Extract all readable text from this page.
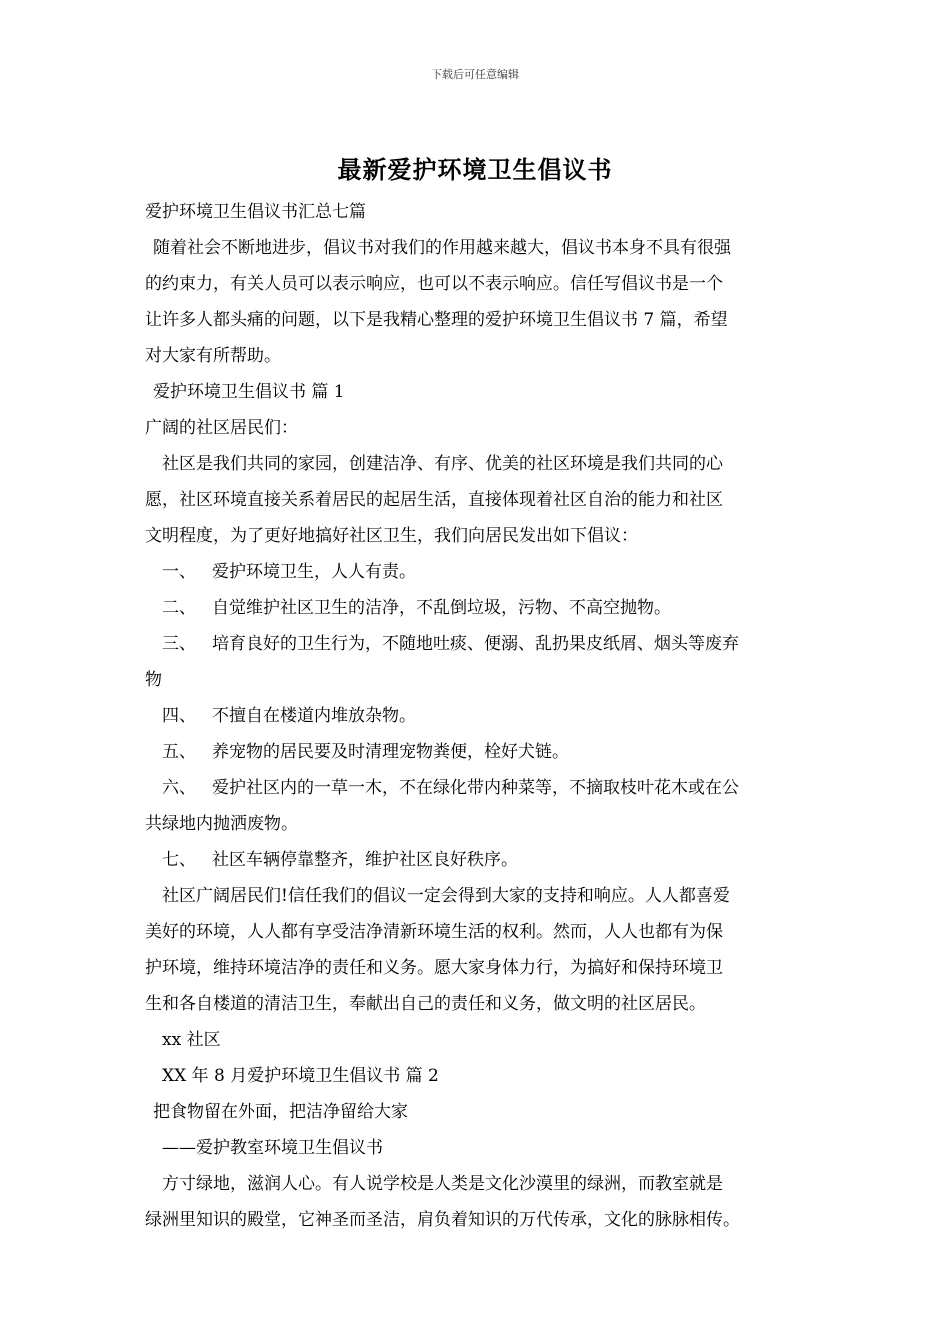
下载后可任意编辑
最新爱护环境卫生倡议书
爱护环境卫生倡议书汇总七篇
随着社会不断地进步，倡议书对我们的作用越来越大，倡议书本身不具有很强
的约束力，有关人员可以表示响应，也可以不表示响应。信任写倡议书是一个
让许多人都头痛的问题，以下是我精心整理的爱护环境卫生倡议书 7 篇，希望
对大家有所帮助。
爱护环境卫生倡议书 篇 1
广阔的社区居民们：
社区是我们共同的家园，创建洁净、有序、优美的社区环境是我们共同的心
愿，社区环境直接关系着居民的起居生活，直接体现着社区自治的能力和社区
文明程度，为了更好地搞好社区卫生，我们向居民发出如下倡议：
一、 爱护环境卫生，人人有责。
二、 自觉维护社区卫生的洁净，不乱倒垃圾，污物、不高空抛物。
三、 培育良好的卫生行为，不随地吐痰、便溺、乱扔果皮纸屑、烟头等废弃
物
四、 不擅自在楼道内堆放杂物。
五、 养宠物的居民要及时清理宠物粪便，栓好犬链。
六、 爱护社区内的一草一木，不在绿化带内种菜等，不摘取枝叶花木或在公
共绿地内抛洒废物。
七、 社区车辆停靠整齐，维护社区良好秩序。
社区广阔居民们!信任我们的倡议一定会得到大家的支持和响应。人人都喜爱
美好的环境，人人都有享受洁净清新环境生活的权利。然而，人人也都有为保
护环境，维持环境洁净的责任和义务。愿大家身体力行，为搞好和保持环境卫
生和各自楼道的清洁卫生，奉献出自己的责任和义务，做文明的社区居民。
xx 社区
XX 年 8 月爱护环境卫生倡议书 篇 2
把食物留在外面，把洁净留给大家
——爱护教室环境卫生倡议书
方寸绿地，滋润人心。有人说学校是人类是文化沙漠里的绿洲，而教室就是
绿洲里知识的殿堂，它神圣而圣洁，肩负着知识的万代传承，文化的脉脉相传。
